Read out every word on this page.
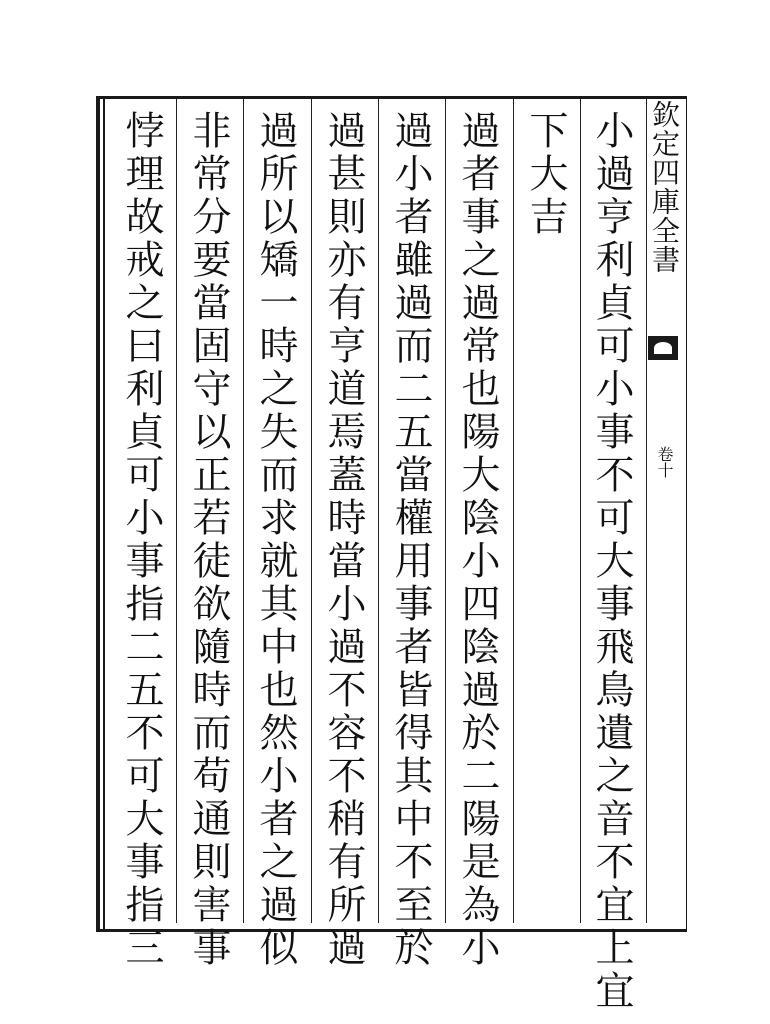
欽定四庫全書
卷十
小過亨利貞可小事不可大事飛鳥遺之音不宜上宜
下大吉
過者事之過常也陽大陰小四陰過於二陽是為小
過小者雖過而二五當權用事者皆得其中不至於
過甚則亦有亨道焉蓋時當小過不容不稍有所過
過所以矯一時之失而求就其中也然小者之過似
非常分要當固守以正若徒欲隨時而苟通則害事
悖理故戒之曰利貞可小事指二五不可大事指三
